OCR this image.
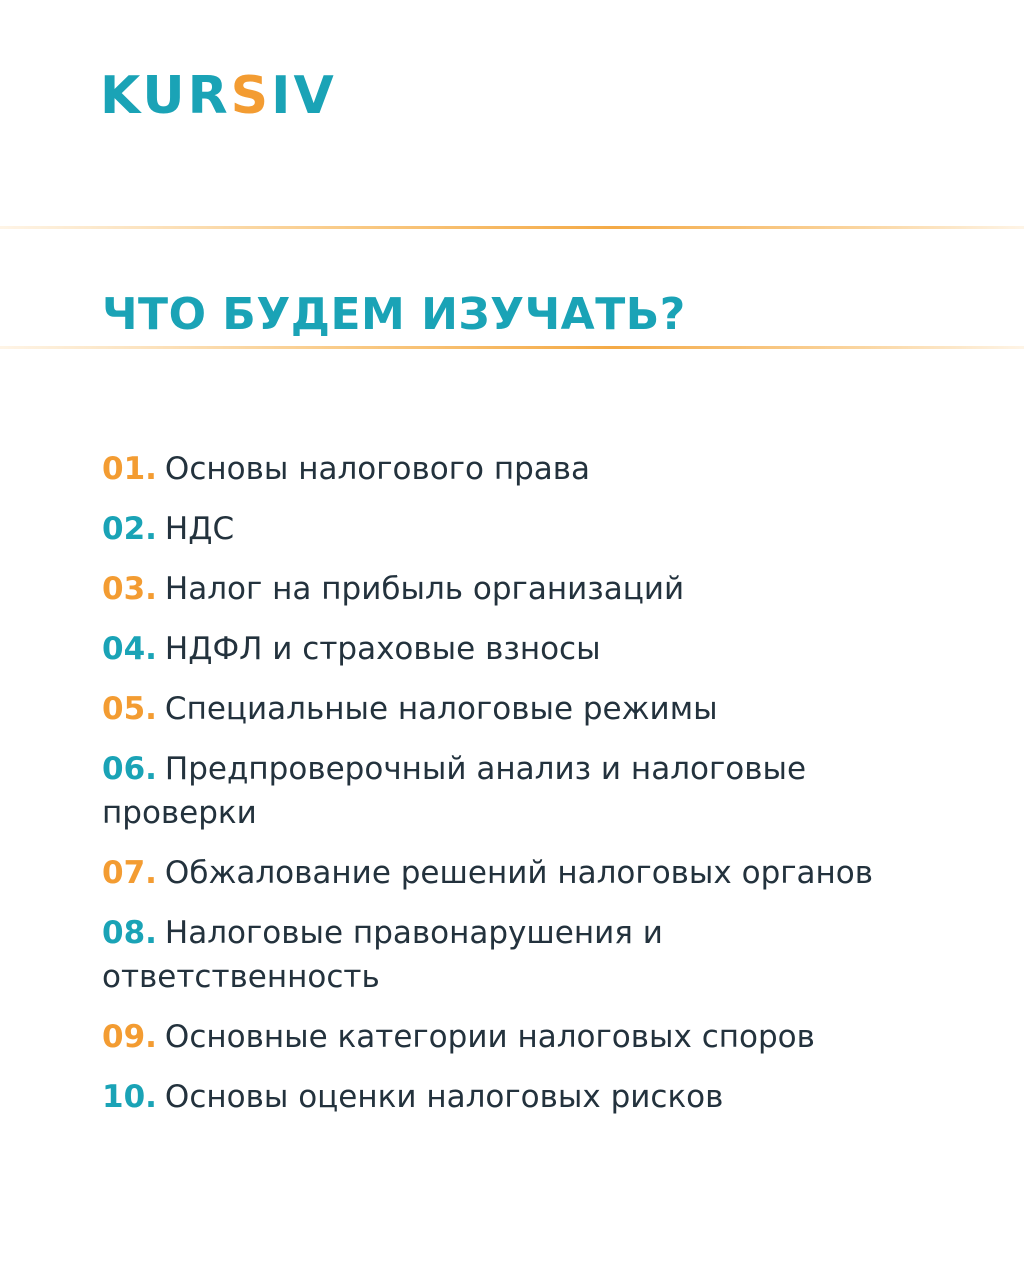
KURSIV
ЧТО БУДЕМ ИЗУЧАТЬ?
01. Основы налогового права
02. НДС
03. Налог на прибыль организаций
04. НДФЛ и страховые взносы
05. Специальные налоговые режимы
06. Предпроверочный анализ и налоговые проверки
07. Обжалование решений налоговых органов
08. Налоговые правонарушения и ответственность
09. Основные категории налоговых споров
10. Основы оценки налоговых рисков
